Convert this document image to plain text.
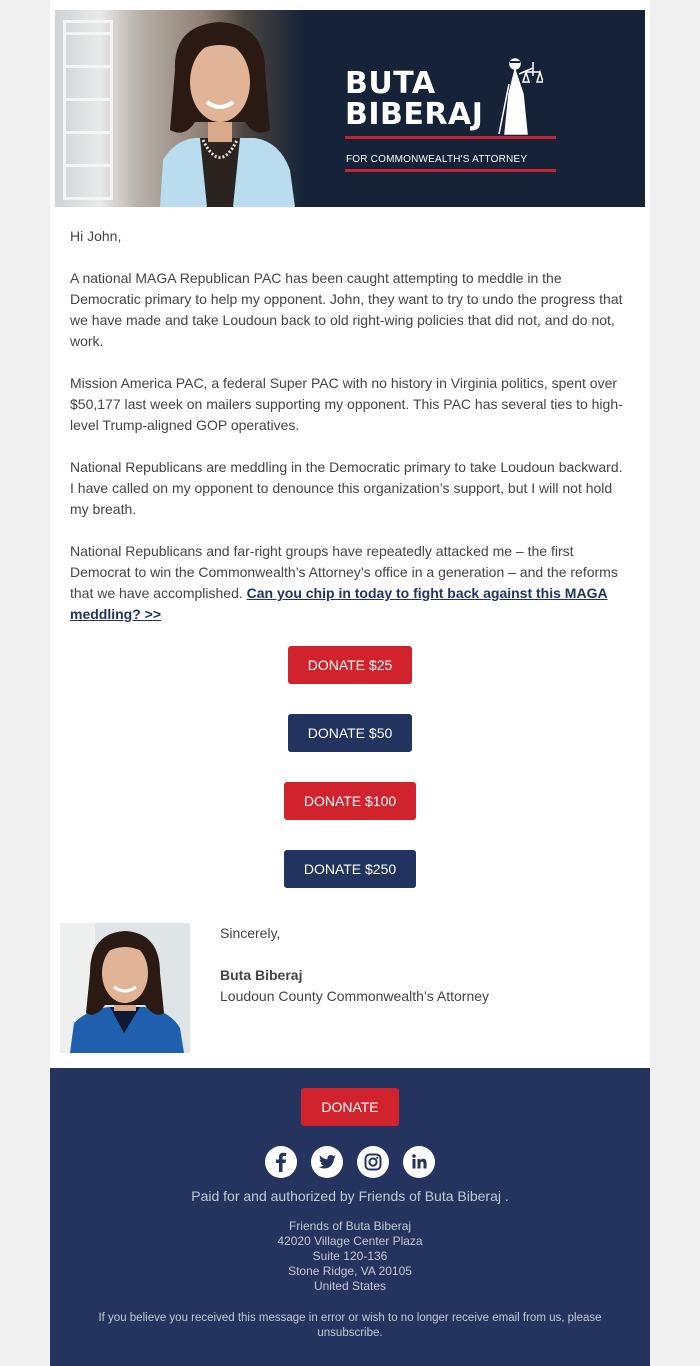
BUTA
BIBERAJ
FOR COMMONWEALTH'S ATTORNEY

Hi John,

A national MAGA Republican PAC has been caught attempting to meddle in the Democratic primary to help my opponent. John, they want to try to undo the progress that we have made and take Loudoun back to old right-wing policies that did not, and do not, work.

Mission America PAC, a federal Super PAC with no history in Virginia politics, spent over $50,177 last week on mailers supporting my opponent. This PAC has several ties to high-level Trump-aligned GOP operatives.

National Republicans are meddling in the Democratic primary to take Loudoun backward. I have called on my opponent to denounce this organization’s support, but I will not hold my breath.

National Republicans and far-right groups have repeatedly attacked me – the first Democrat to win the Commonwealth’s Attorney’s office in a generation – and the reforms that we have accomplished. Can you chip in today to fight back against this MAGA meddling? >>

DONATE $25
DONATE $50
DONATE $100
DONATE $250
Sincerely,
Buta Biberaj
Loudoun County Commonwealth’s Attorney
DONATE
Paid for and authorized by Friends of Buta Biberaj .
Friends of Buta Biberaj
42020 Village Center Plaza
Suite 120-136
Stone Ridge, VA 20105
United States
If you believe you received this message in error or wish to no longer receive email from us, please unsubscribe.
